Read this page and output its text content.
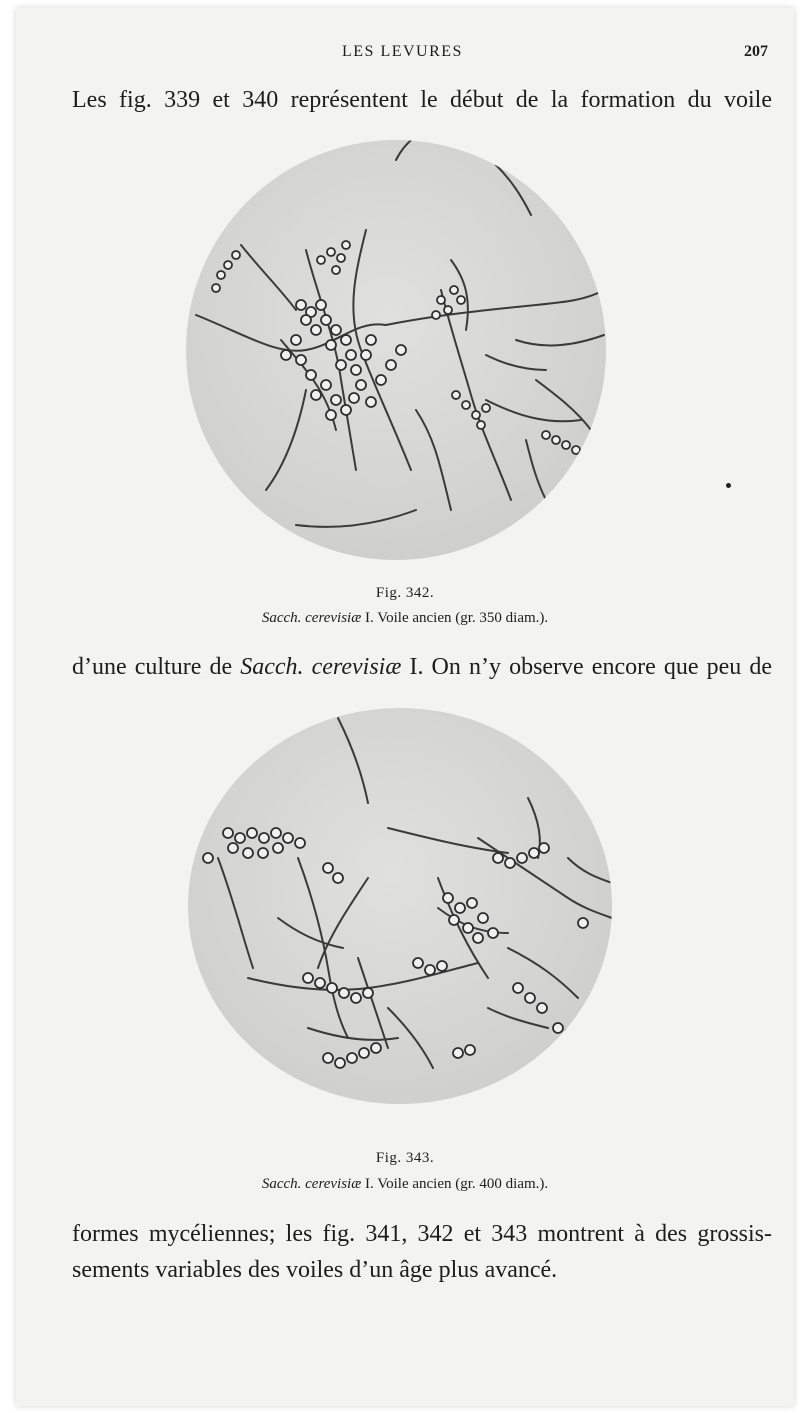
LES LEVURES	207
Les fig. 339 et 340 représentent le début de la formation du voile
Fig. 342.
Sacch. cerevisiæ I. Voile ancien (gr. 350 diam.).
d’une culture de Sacch. cerevisiæ I. On n’y observe encore que peu de
Fig. 343.
Sacch. cerevisiæ I. Voile ancien (gr. 400 diam.).
formes mycéliennes; les fig. 341, 342 et 343 montrent à des grossis-
sements variables des voiles d’un âge plus avancé.
